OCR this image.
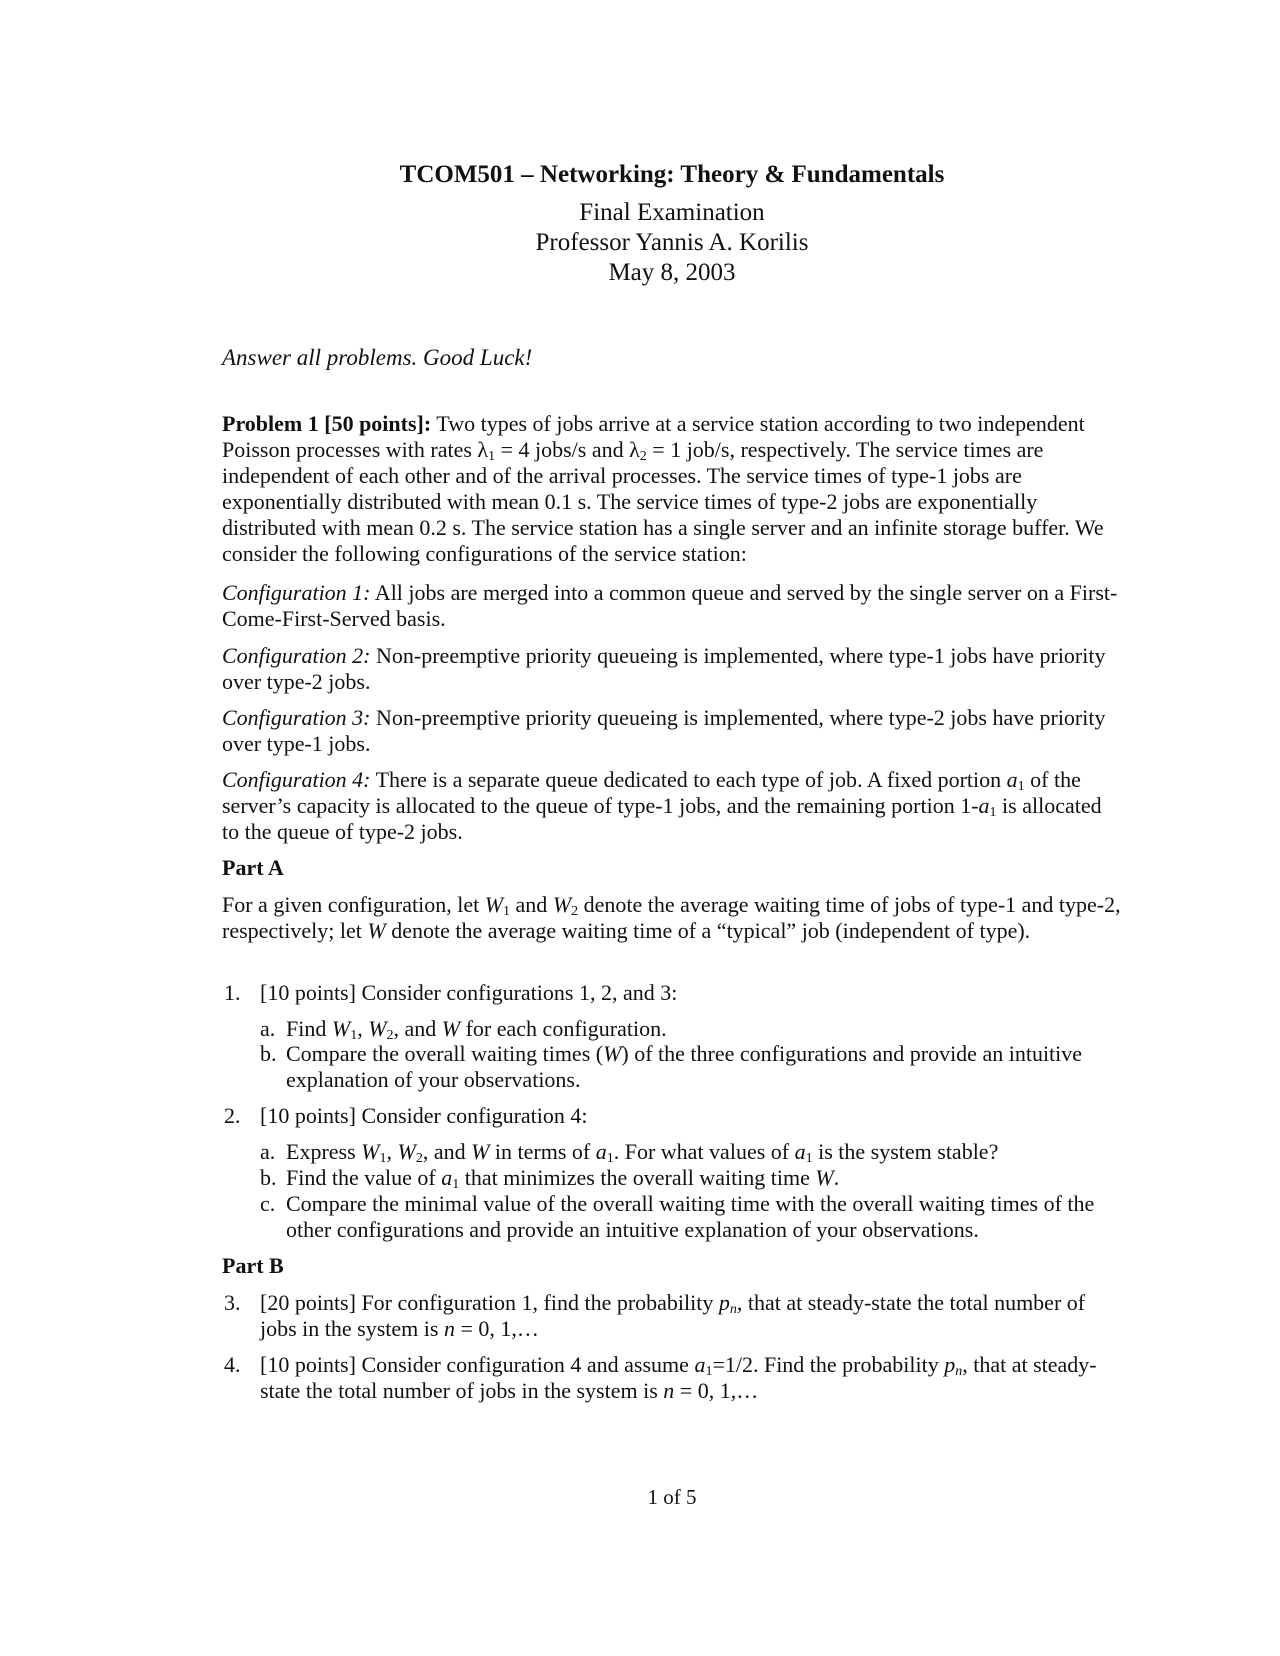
TCOM501 – Networking: Theory & Fundamentals
Final Examination
Professor Yannis A. Korilis
May 8, 2003
Answer all problems. Good Luck!

Problem 1 [50 points]: Two types of jobs arrive at a service station according to two independent Poisson processes with rates $\lambda_1 = 4$ jobs/s and $\lambda_2 = 1$ job/s, respectively. The service times are independent of each other and of the arrival processes. The service times of type-1 jobs are exponentially distributed with mean 0.1 s. The service times of type-2 jobs are exponentially distributed with mean 0.2 s. The service station has a single server and an infinite storage buffer. We consider the following configurations of the service station:

Configuration 1: All jobs are merged into a common queue and served by the single server on a First-Come-First-Served basis.

Configuration 2: Non-preemptive priority queueing is implemented, where type-1 jobs have priority over type-2 jobs.

Configuration 3: Non-preemptive priority queueing is implemented, where type-2 jobs have priority over type-1 jobs.

Configuration 4: There is a separate queue dedicated to each type of job. A fixed portion $a_1$ of the server’s capacity is allocated to the queue of type-1 jobs, and the remaining portion $1-a_1$ is allocated to the queue of type-2 jobs.

Part A

For a given configuration, let $W_1$ and $W_2$ denote the average waiting time of jobs of type-1 and type-2, respectively; let W denote the average waiting time of a “typical” job (independent of type).

1. [10 points] Consider configurations 1, 2, and 3:
a. Find $W_1$, $W_2$, and W for each configuration.
b. Compare the overall waiting times (W) of the three configurations and provide an intuitive explanation of your observations.
2. [10 points] Consider configuration 4:
a. Express $W_1$, $W_2$, and W in terms of $a_1$. For what values of $a_1$ is the system stable?
b. Find the value of $a_1$ that minimizes the overall waiting time W.
c. Compare the minimal value of the overall waiting time with the overall waiting times of the other configurations and provide an intuitive explanation of your observations.
Part B
3. [20 points] For configuration 1, find the probability $p_n$, that at steady-state the total number of jobs in the system is n = 0, 1,…
4. [10 points] Consider configuration 4 and assume $a_1=1/2$. Find the probability $p_n$, that at steady-state the total number of jobs in the system is n = 0, 1,…
1 of 5
